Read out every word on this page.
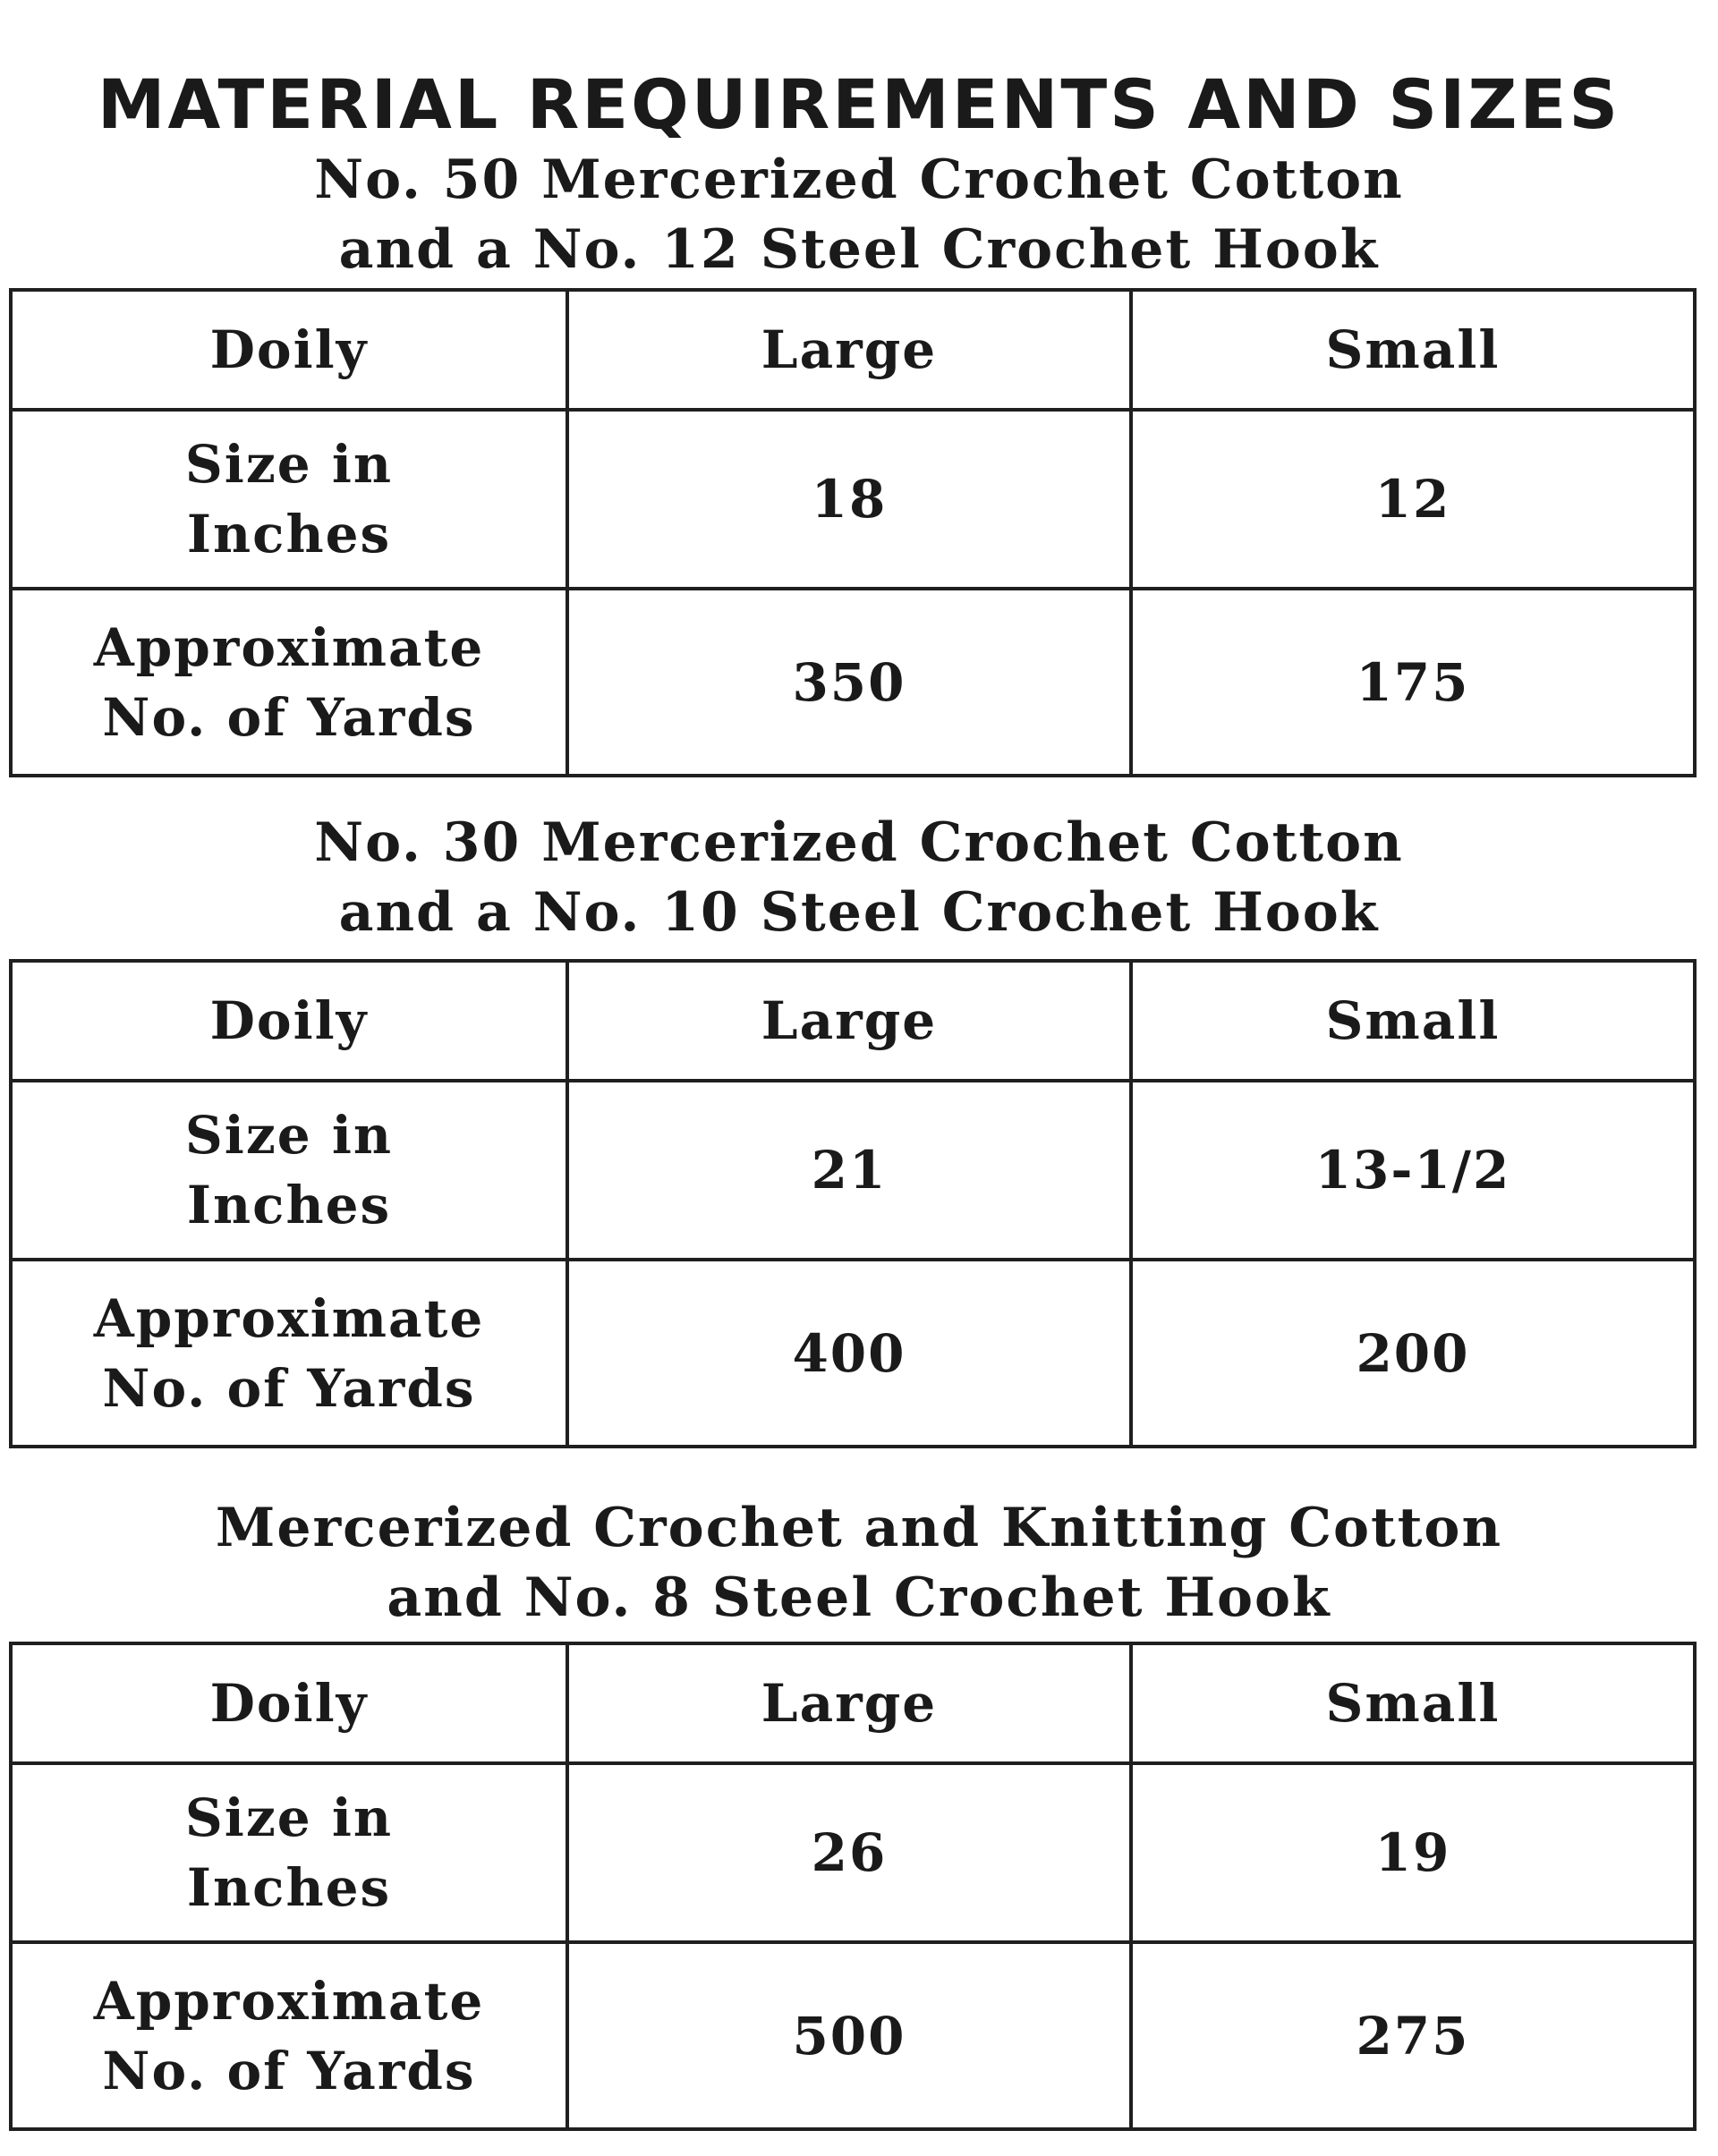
MATERIAL REQUIREMENTS AND SIZES
No. 50 Mercerized Crochet Cotton
and a No. 12 Steel Crochet Hook
Doily	Large	Small

Size in
Inches	18	12

Approximate
No. of Yards	350	175
No. 30 Mercerized Crochet Cotton
and a No. 10 Steel Crochet Hook
Doily	Large	Small

Size in
Inches	21	13-1/2

Approximate
No. of Yards	400	200
Mercerized Crochet and Knitting Cotton
and No. 8 Steel Crochet Hook
Doily	Large	Small

Size in
Inches	26	19

Approximate
No. of Yards	500	275
